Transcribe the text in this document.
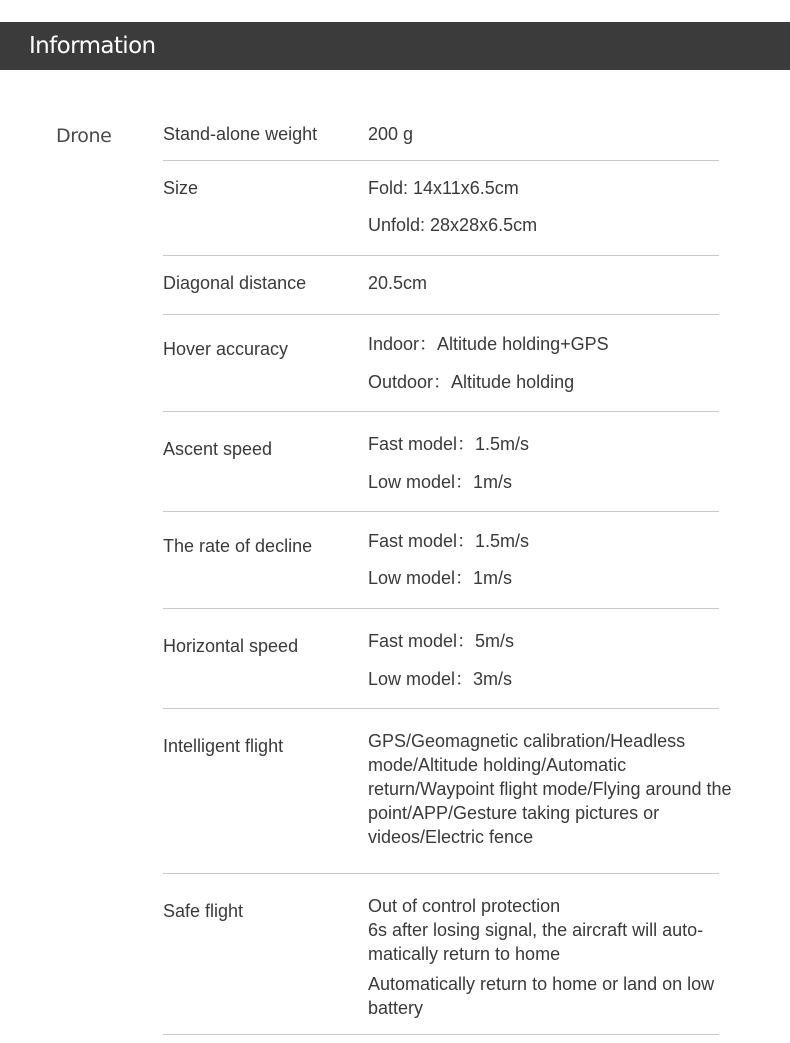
Information
Drone	Stand-alone weight	200 g
Size	Fold: 14x11x6.5cm
Unfold: 28x28x6.5cm
Diagonal distance	20.5cm
Hover accuracy	Indoor：Altitude holding+GPS
Outdoor：Altitude holding
Ascent speed	Fast model：1.5m/s
Low model：1m/s
The rate of decline	Fast model：1.5m/s
Low model：1m/s
Horizontal speed	Fast model：5m/s
Low model：3m/s
Intelligent flight	GPS/Geomagnetic calibration/Headless mode/Altitude holding/Automatic return/Waypoint flight mode/Flying around the point/APP/Gesture taking pictures or videos/Electric fence
Safe flight	Out of control protection
6s after losing signal, the aircraft will auto-matically return to home
Automatically return to home or land on low battery
